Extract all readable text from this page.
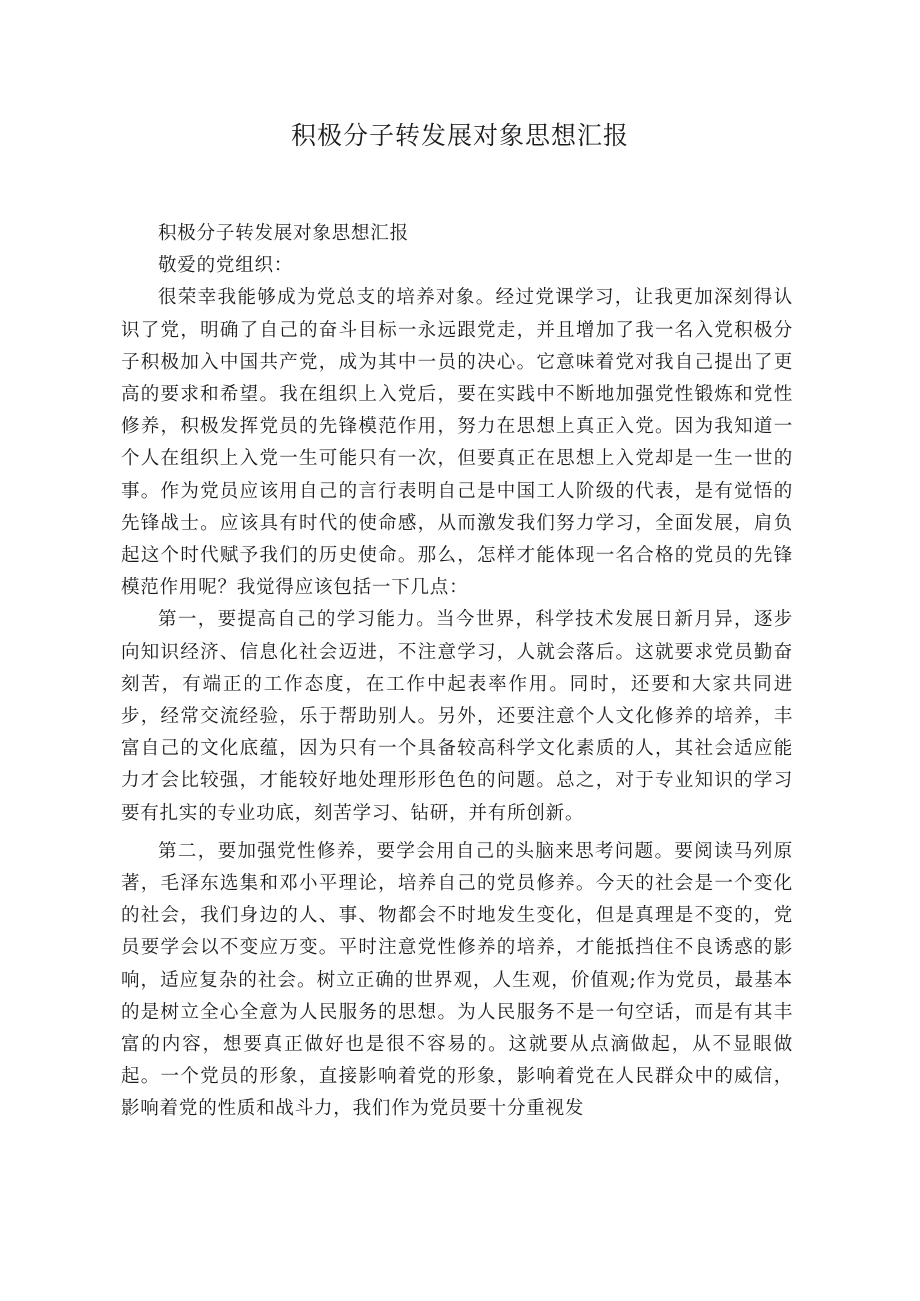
积极分子转发展对象思想汇报

积极分子转发展对象思想汇报

敬爱的党组织：

很荣幸我能够成为党总支的培养对象。经过党课学习，让我更加深刻得认识了党，明确了自己的奋斗目标一永远跟党走，并且增加了我一名入党积极分子积极加入中国共产党，成为其中一员的决心。它意味着党对我自己提出了更高的要求和希望。我在组织上入党后，要在实践中不断地加强党性锻炼和党性修养，积极发挥党员的先锋模范作用，努力在思想上真正入党。因为我知道一个人在组织上入党一生可能只有一次，但要真正在思想上入党却是一生一世的事。作为党员应该用自己的言行表明自己是中国工人阶级的代表，是有觉悟的先锋战士。应该具有时代的使命感，从而激发我们努力学习，全面发展，肩负起这个时代赋予我们的历史使命。那么，怎样才能体现一名合格的党员的先锋模范作用呢？我觉得应该包括一下几点：

第一，要提高自己的学习能力。当今世界，科学技术发展日新月异，逐步向知识经济、信息化社会迈进，不注意学习，人就会落后。这就要求党员勤奋刻苦，有端正的工作态度，在工作中起表率作用。同时，还要和大家共同进步，经常交流经验，乐于帮助别人。另外，还要注意个人文化修养的培养，丰富自己的文化底蕴，因为只有一个具备较高科学文化素质的人，其社会适应能力才会比较强，才能较好地处理形形色色的问题。总之，对于专业知识的学习要有扎实的专业功底，刻苦学习、钻研，并有所创新。

第二，要加强党性修养，要学会用自己的头脑来思考问题。要阅读马列原著，毛泽东选集和邓小平理论，培养自己的党员修养。今天的社会是一个变化的社会，我们身边的人、事、物都会不时地发生变化，但是真理是不变的，党员要学会以不变应万变。平时注意党性修养的培养，才能抵挡住不良诱惑的影响，适应复杂的社会。树立正确的世界观，人生观，价值观;作为党员，最基本的是树立全心全意为人民服务的思想。为人民服务不是一句空话，而是有其丰富的内容，想要真正做好也是很不容易的。这就要从点滴做起，从不显眼做起。一个党员的形象，直接影响着党的形象，影响着党在人民群众中的威信，影响着党的性质和战斗力，我们作为党员要十分重视发
